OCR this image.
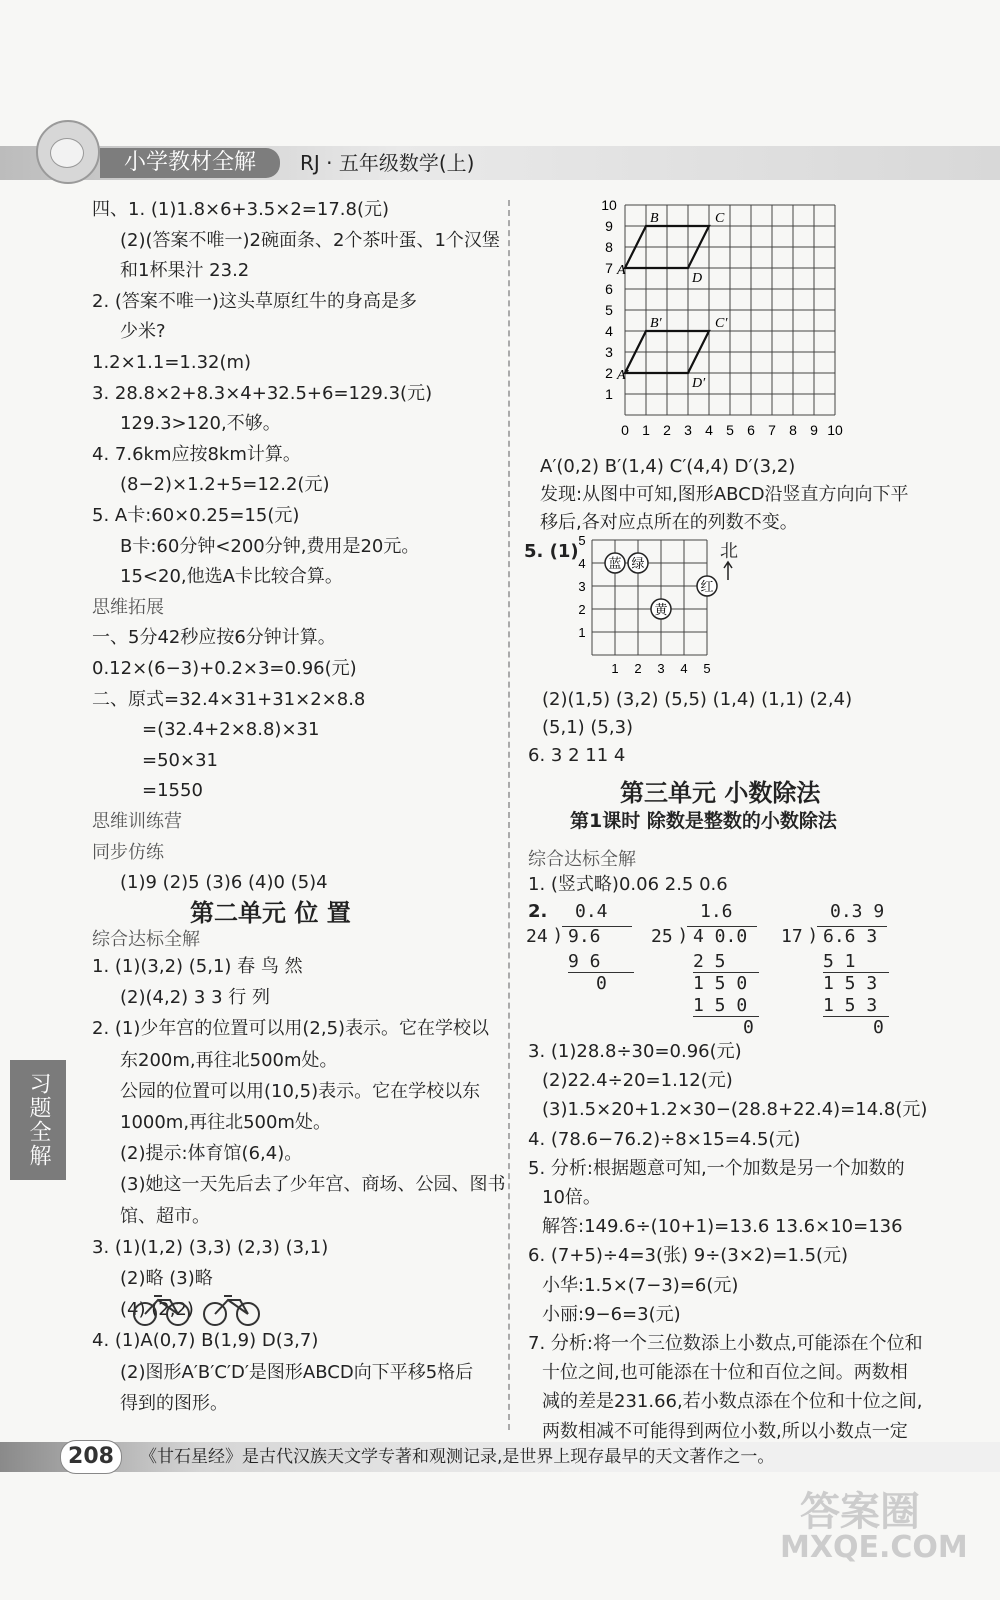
小学教材全解	RJ · 五年级数学(上)
四、1. (1)1.8×6+3.5×2=17.8(元)
(2)(答案不唯一)2碗面条、2个茶叶蛋、1个汉堡
和1杯果汁 23.2
2. (答案不唯一)这头草原红牛的身高是多
少米?
1.2×1.1=1.32(m)
3. 28.8×2+8.3×4+32.5+6=129.3(元)
129.3>120,不够。
4. 7.6km应按8km计算。
(8−2)×1.2+5=12.2(元)
5. A卡:60×0.25=15(元)
B卡:60分钟<200分钟,费用是20元。
15<20,他选A卡比较合算。
思维拓展
一、5分42秒应按6分钟计算。
0.12×(6−3)+0.2×3=0.96(元)
二、原式=32.4×31+31×2×8.8
=(32.4+2×8.8)×31
=50×31
=1550
思维训练营
同步仿练
(1)9 (2)5 (3)6 (4)0 (5)4
第二单元 位 置
综合达标全解
1. (1)(3,2) (5,1) 春 鸟 然
(2)(4,2) 3 3 行 列
2. (1)少年宫的位置可以用(2,5)表示。它在学校以
东200m,再往北500m处。
公园的位置可以用(10,5)表示。它在学校以东
1000m,再往北500m处。
(2)提示:体育馆(6,4)。
(3)她这一天先后去了少年宫、商场、公园、图书
馆、超市。
3. (1)(1,2) (3,3) (2,3) (3,1)
(2)略 (3)略
(4) (2,2)
4. (1)A(0,7) B(1,9) D(3,7)
(2)图形A′B′C′D′是图形ABCD向下平移5格后
得到的图形。
习题全解
0 1 2 3 4 5 6 7 8 9 10
1
2
3
4
5
6
7
8
9
10
A
B	C
D
A′
B′	C′
D′
A′(0,2) B′(1,4) C′(4,4) D′(3,2)
发现:从图中可知,图形ABCD沿竖直方向向下平
移后,各对应点所在的列数不变。
5. (1)
1 2 3 4 5
1
2
3
4
5
蓝 绿
黄
红
北
(2)(1,5) (3,2) (5,5) (1,4) (1,1) (2,4)
(5,1) (5,3)
6. 3 2 11 4
第三单元 小数除法
第1课时 除数是整数的小数除法
综合达标全解
1. (竖式略)0.06 2.5 0.6
2. 0.4
24 ) 9.6
9 6
0
1.6
25 ) 4 0.0
2 5
1 5 0
1 5 0
0
0.3 9
17 ) 6.6 3
5 1
1 5 3
1 5 3
0
3. (1)28.8÷30=0.96(元)
(2)22.4÷20=1.12(元)
(3)1.5×20+1.2×30−(28.8+22.4)=14.8(元)
4. (78.6−76.2)÷8×15=4.5(元)
5. 分析:根据题意可知,一个加数是另一个加数的
10倍。
解答:149.6÷(10+1)=13.6 13.6×10=136
6. (7+5)÷4=3(张) 9÷(3×2)=1.5(元)
小华:1.5×(7−3)=6(元)
小丽:9−6=3(元)
7. 分析:将一个三位数添上小数点,可能添在个位和
十位之间,也可能添在十位和百位之间。两数相
减的差是231.66,若小数点添在个位和十位之间,
两数相减不可能得到两位小数,所以小数点一定
208	《甘石星经》是古代汉族天文学专著和观测记录,是世界上现存最早的天文著作之一。
答案圈
MXQE.COM
